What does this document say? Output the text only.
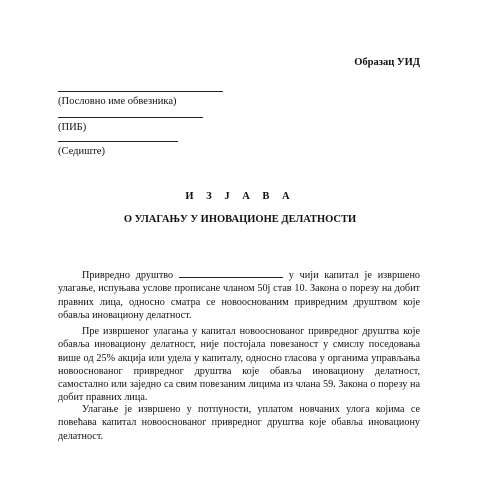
Образац УИД
(Пословно име обвезника)
(ПИБ)
(Седиште)
И З Ј А В А
О УЛАГАЊУ У ИНОВАЦИОНЕ ДЕЛАТНОСТИ

Привредно друштво	у чији капитал је извршено улагање, испуњава услове прописане чланом 50ј став 10. Закона о порезу на добит правних лица, односно сматра се новоoснованим привредним друштвом које обавља иновациону делатност.

Пре извршеног улагања у капитал новооснованог привредног друштва које обавља иновациону делатност, није постојала повезаност у смислу поседовања више од 25% акција или удела у капиталу, односно гласова у органима управљања новооснованог привредног друштва које обавља иновациону делатност, самостално или заједно са свим повезаним лицима из члана 59. Закона о порезу на добит правних лица.

Улагање је извршено у потпуности, уплатом новчаних улога којима се повећава капитал новооснованог привредног друштва које обавља иновациону делатност.
